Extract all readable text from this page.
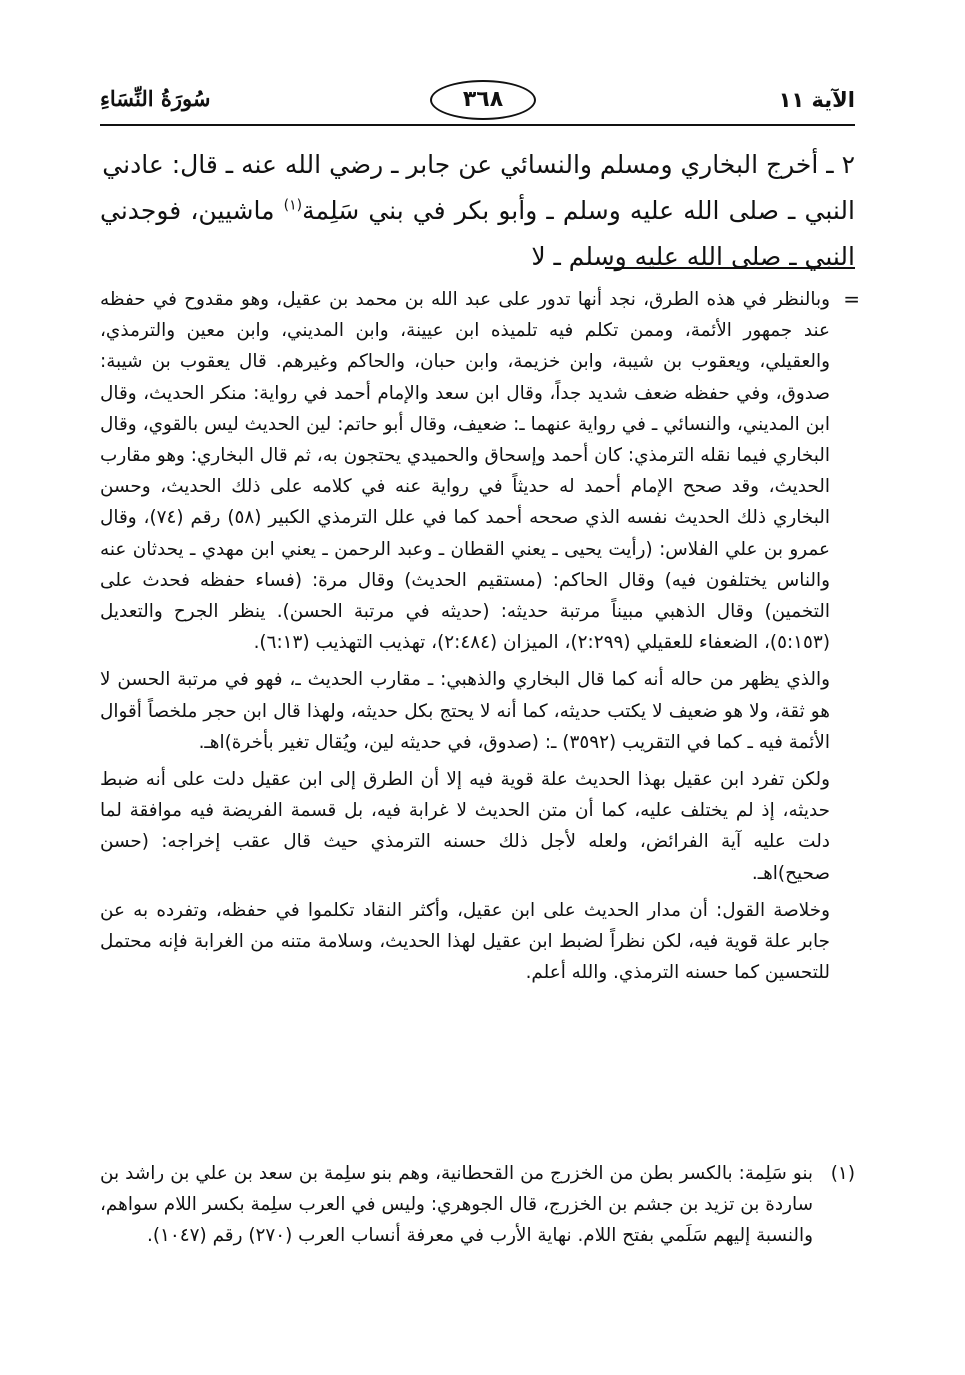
الآية ١١
٣٦٨
سُورَةُ النِّسَاءِ

٢ ـ أخرج البخاري ومسلم والنسائي عن جابر ـ رضي الله عنه ـ قال: عادني

النبي ـ صلى الله عليه وسلم ـ وأبو بكر في بني سَلِمة$^{(١)}$ ماشيين، فوجدني النبي ـ صلى الله عليه وسلم ـ لا

=

وبالنظر في هذه الطرق، نجد أنها تدور على عبد الله بن محمد بن عقيل، وهو مقدوح في حفظه عند جمهور الأئمة، وممن تكلم فيه تلميذه ابن عيينة، وابن المديني، وابن معين والترمذي، والعقيلي، ويعقوب بن شيبة، وابن خزيمة، وابن حبان، والحاكم وغيرهم. قال يعقوب بن شيبة: صدوق، وفي حفظه ضعف شديد جداً، وقال ابن سعد والإمام أحمد في رواية: منكر الحديث، وقال ابن المديني، والنسائي ـ في رواية عنهما ـ: ضعيف، وقال أبو حاتم: لين الحديث ليس بالقوي، وقال البخاري فيما نقله الترمذي: كان أحمد وإسحاق والحميدي يحتجون به، ثم قال البخاري: وهو مقارب الحديث، وقد صحح الإمام أحمد له حديثاً في رواية عنه في كلامه على ذلك الحديث، وحسن البخاري ذلك الحديث نفسه الذي صححه أحمد كما في علل الترمذي الكبير (٥٨) رقم (٧٤)، وقال عمرو بن علي الفلاس: (رأيت يحيى ـ يعني القطان ـ وعبد الرحمن ـ يعني ابن مهدي ـ يحدثان عنه والناس يختلفون فيه) وقال الحاكم: (مستقيم الحديث) وقال مرة: (فساء حفظه فحدث على التخمين) وقال الذهبي مبيناً مرتبة حديثه: (حديثه في مرتبة الحسن). ينظر الجرح والتعديل (٥:١٥٣)، الضعفاء للعقيلي (٢:٢٩٩)، الميزان (٢:٤٨٤)، تهذيب التهذيب (٦:١٣).

والذي يظهر من حاله أنه كما قال البخاري والذهبي: ـ مقارب الحديث ـ، فهو في مرتبة الحسن لا هو ثقة، ولا هو ضعيف لا يكتب حديثه، كما أنه لا يحتج بكل حديثه، ولهذا قال ابن حجر ملخصاً أقوال الأئمة فيه ـ كما في التقريب (٣٥٩٢) ـ: (صدوق، في حديثه لين، ويُقال تغير بأخرة)اهـ.

ولكن تفرد ابن عقيل بهذا الحديث علة قوية فيه إلا أن الطرق إلى ابن عقيل دلت على أنه ضبط حديثه، إذ لم يختلف عليه، كما أن متن الحديث لا غرابة فيه، بل قسمة الفريضة فيه موافقة لما دلت عليه آية الفرائض، ولعله لأجل ذلك حسنه الترمذي حيث قال عقب إخراجه: (حسن صحيح)اهـ.

وخلاصة القول: أن مدار الحديث على ابن عقيل، وأكثر النقاد تكلموا في حفظه، وتفرده به عن جابر علة قوية فيه، لكن نظراً لضبط ابن عقيل لهذا الحديث، وسلامة متنه من الغرابة فإنه محتمل للتحسين كما حسنه الترمذي. والله أعلم.

(١)
بنو سَلِمة: بالكسر بطن من الخزرج من القحطانية، وهم بنو سلِمة بن سعد بن علي بن راشد بن ساردة بن تزيد بن جشم بن الخزرج، قال الجوهري: وليس في العرب سلِمة بكسر اللام سواهم، والنسبة إليهم سَلَمي بفتح اللام. نهاية الأرب في معرفة أنساب العرب (٢٧٠) رقم (١٠٤٧).
